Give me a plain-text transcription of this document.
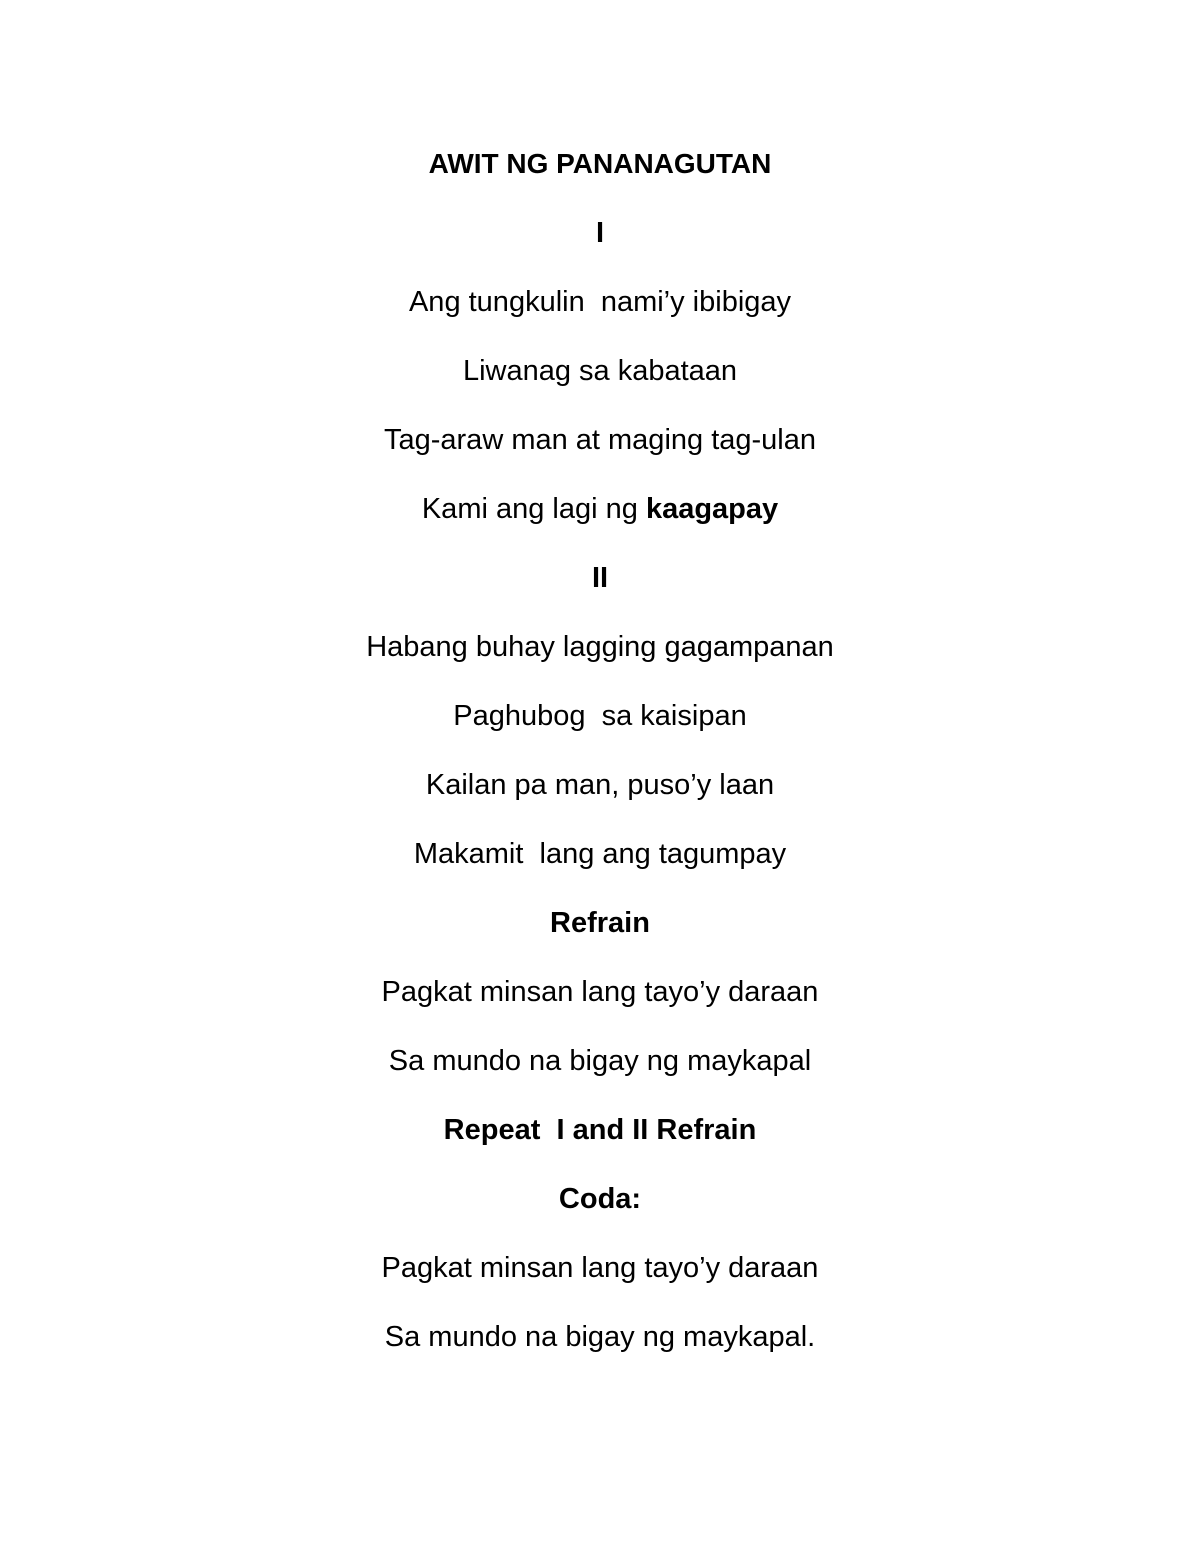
AWIT NG PANANAGUTAN
I
Ang tungkulin  nami’y ibibigay
Liwanag sa kabataan
Tag-araw man at maging tag-ulan
Kami ang lagi ng kaagapay
II
Habang buhay lagging gagampanan
Paghubog  sa kaisipan
Kailan pa man, puso’y laan
Makamit  lang ang tagumpay
Refrain
Pagkat minsan lang tayo’y daraan
Sa mundo na bigay ng maykapal
Repeat  I and II Refrain
Coda:
Pagkat minsan lang tayo’y daraan
Sa mundo na bigay ng maykapal.
